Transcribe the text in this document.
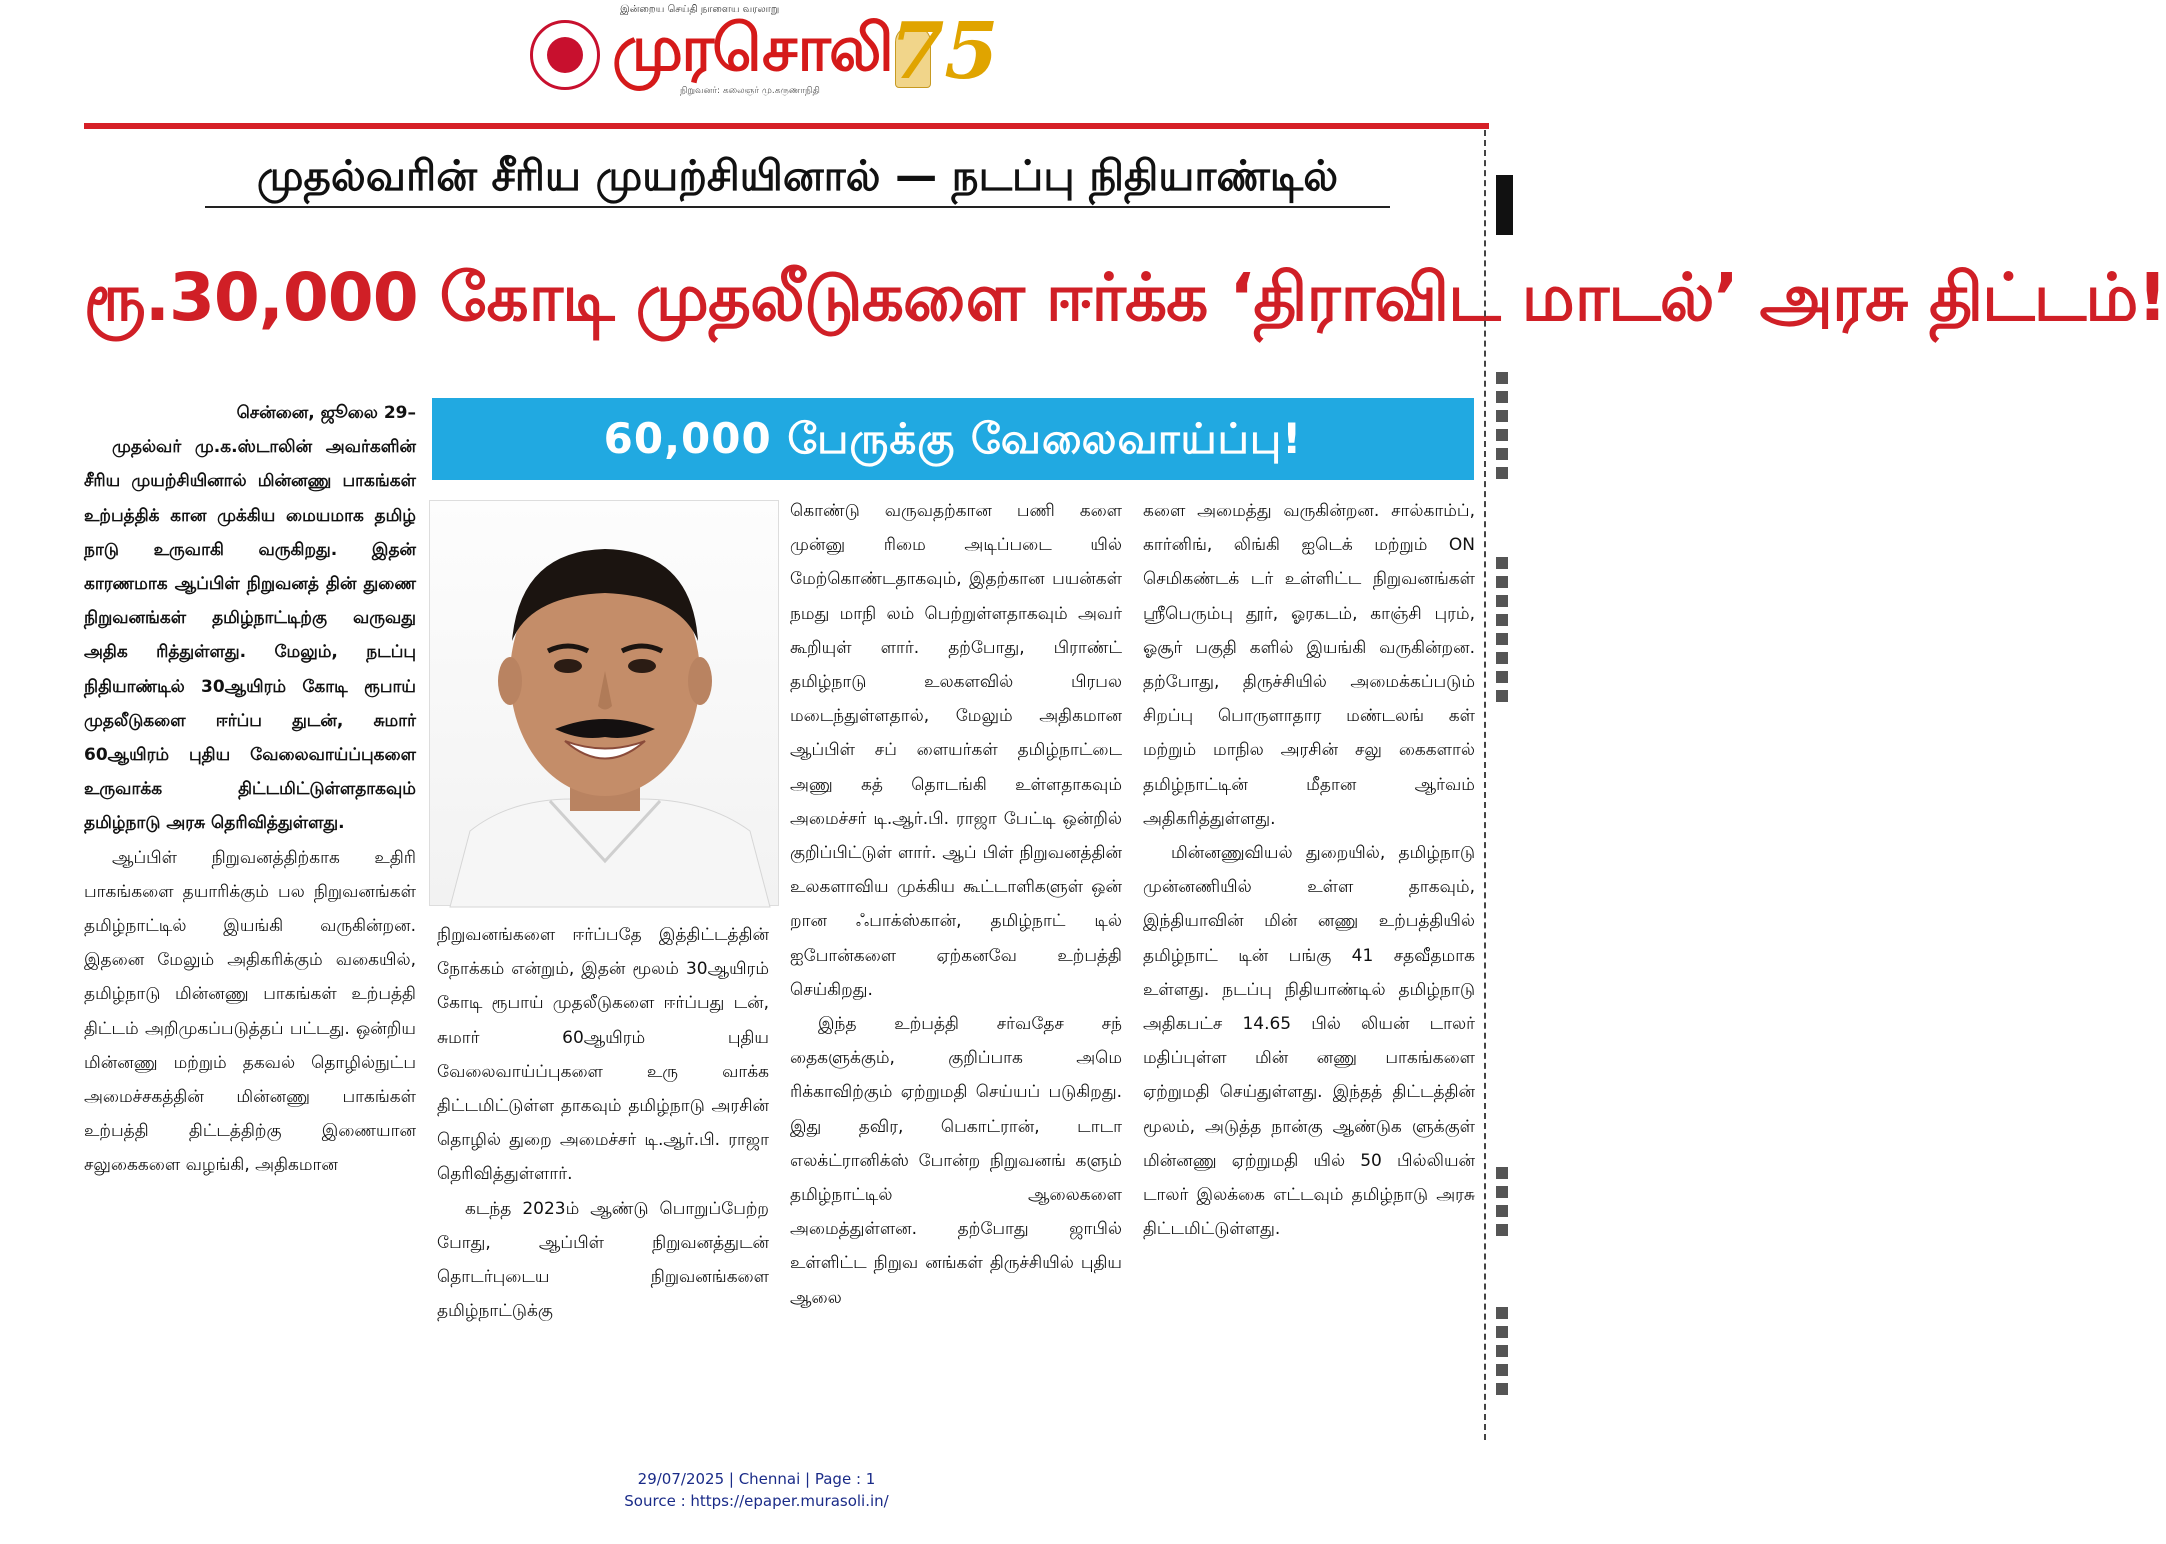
இன்றைய செய்தி நாளைய வரலாறு
முரசொலி
நிறுவனர்: கலைஞர் மு.கருணாநிதி 75
முதல்வரின் சீரிய முயற்சியினால் — நடப்பு நிதியாண்டில்
ரூ.30,000 கோடி முதலீடுகளை ஈர்க்க ‘திராவிட மாடல்’ அரசு திட்டம்!
60,000 பேருக்கு வேலைவாய்ப்பு!

சென்னை, ஜூலை 29–

முதல்வர் மு.க.ஸ்டாலின் அவர்களின் சீரிய முயற்சியினால் மின்னணு பாகங்கள் உற்பத்திக் கான முக்கிய மையமாக தமிழ் நாடு உருவாகி வருகிறது. இதன் காரணமாக ஆப்பிள் நிறுவனத் தின் துணை நிறுவனங்கள் தமிழ்நாட்டிற்கு வருவது அதிக ரித்துள்ளது. மேலும், நடப்பு நிதியாண்டில் 30ஆயிரம் கோடி ரூபாய் முதலீடுகளை ஈர்ப்ப துடன், சுமார் 60ஆயிரம் புதிய வேலைவாய்ப்புகளை உருவாக்க திட்டமிட்டுள்ளதாகவும் தமிழ்நாடு அரசு தெரிவித்துள்ளது.

ஆப்பிள் நிறுவனத்திற்காக உதிரி பாகங்களை தயாரிக்கும் பல நிறுவனங்கள் தமிழ்நாட்டில் இயங்கி வருகின்றன. இதனை மேலும் அதிகரிக்கும் வகையில், தமிழ்நாடு மின்னணு பாகங்கள் உற்பத்தி திட்டம் அறிமுகப்படுத்தப் பட்டது. ஒன்றிய மின்னணு மற்றும் தகவல் தொழில்நுட்ப அமைச்சகத்தின் மின்னணு பாகங்கள் உற்பத்தி திட்டத்திற்கு இணையான சலுகைகளை வழங்கி, அதிகமான

நிறுவனங்களை ஈர்ப்பதே இத்திட்டத்தின் நோக்கம் என்றும், இதன் மூலம் 30ஆயிரம் கோடி ரூபாய் முதலீடுகளை ஈர்ப்பது டன், சுமார் 60ஆயிரம் புதிய வேலைவாய்ப்புகளை உரு வாக்க திட்டமிட்டுள்ள தாகவும் தமிழ்நாடு அரசின் தொழில் துறை அமைச்சர் டி.ஆர்.பி. ராஜா தெரிவித்துள்ளார்.

கடந்த 2023ம் ஆண்டு பொறுப்பேற்ற போது, ஆப்பிள் நிறுவனத்துடன் தொடர்புடைய நிறுவனங்களை தமிழ்நாட்டுக்கு

கொண்டு வருவதற்கான பணி களை முன்னு ரிமை அடிப்படை யில் மேற்கொண்டதாகவும், இதற்கான பயன்கள் நமது மாநி லம் பெற்றுள்ளதாகவும் அவர் கூறியுள் ளார். தற்போது, பிராண்ட் தமிழ்நாடு உலகளவில் பிரபல மடைந்துள்ளதால், மேலும் அதிகமான ஆப்பிள் சப் ளையர்கள் தமிழ்நாட்டை அணு கத் தொடங்கி உள்ளதாகவும் அமைச்சர் டி.ஆர்.பி. ராஜா பேட்டி ஒன்றில் குறிப்பிட்டுள் ளார். ஆப் பிள் நிறுவனத்தின் உலகளாவிய முக்கிய கூட்டாளிகளுள் ஒன் றான ஃபாக்ஸ்கான், தமிழ்நாட் டில் ஐபோன்களை ஏற்கனவே உற்பத்தி செய்கிறது.

இந்த உற்பத்தி சர்வதேச சந் தைகளுக்கும், குறிப்பாக அமெ ரிக்காவிற்கும் ஏற்றுமதி செய்யப் படுகிறது. இது தவிர, பெகாட்ரான், டாடா எலக்ட்ரானிக்ஸ் போன்ற நிறுவனங் களும் தமிழ்நாட்டில் ஆலைகளை அமைத்துள்ளன. தற்போது ஜாபில் உள்ளிட்ட நிறுவ னங்கள் திருச்சியில் புதிய ஆலை

களை அமைத்து வருகின்றன. சால்காம்ப், கார்னிங், லிங்கி ஐடெக் மற்றும் ON செமிகண்டக் டர் உள்ளிட்ட நிறுவனங்கள் ஸ்ரீபெரும்பு தூர், ஓரகடம், காஞ்சி புரம், ஓசூர் பகுதி களில் இயங்கி வருகின்றன. தற்போது, திருச்சியில் அமைக்கப்படும் சிறப்பு பொருளாதார மண்டலங் கள் மற்றும் மாநில அரசின் சலு கைகளால் தமிழ்நாட்டின் மீதான ஆர்வம் அதிகரித்துள்ளது.

மின்னணுவியல் துறையில், தமிழ்நாடு முன்னணியில் உள்ள தாகவும், இந்தியாவின் மின் னணு உற்பத்தியில் தமிழ்நாட் டின் பங்கு 41 சதவீதமாக உள்ளது. நடப்பு நிதியாண்டில் தமிழ்நாடு அதிகபட்ச 14.65 பில் லியன் டாலர் மதிப்புள்ள மின் னணு பாகங்களை ஏற்றுமதி செய்துள்ளது. இந்தத் திட்டத்தின் மூலம், அடுத்த நான்கு ஆண்டுக ளுக்குள் மின்னணு ஏற்றுமதி யில் 50 பில்லியன் டாலர் இலக்கை எட்டவும் தமிழ்நாடு அரசு திட்டமிட்டுள்ளது.

29/07/2025 | Chennai | Page : 1
Source : https://epaper.murasoli.in/
